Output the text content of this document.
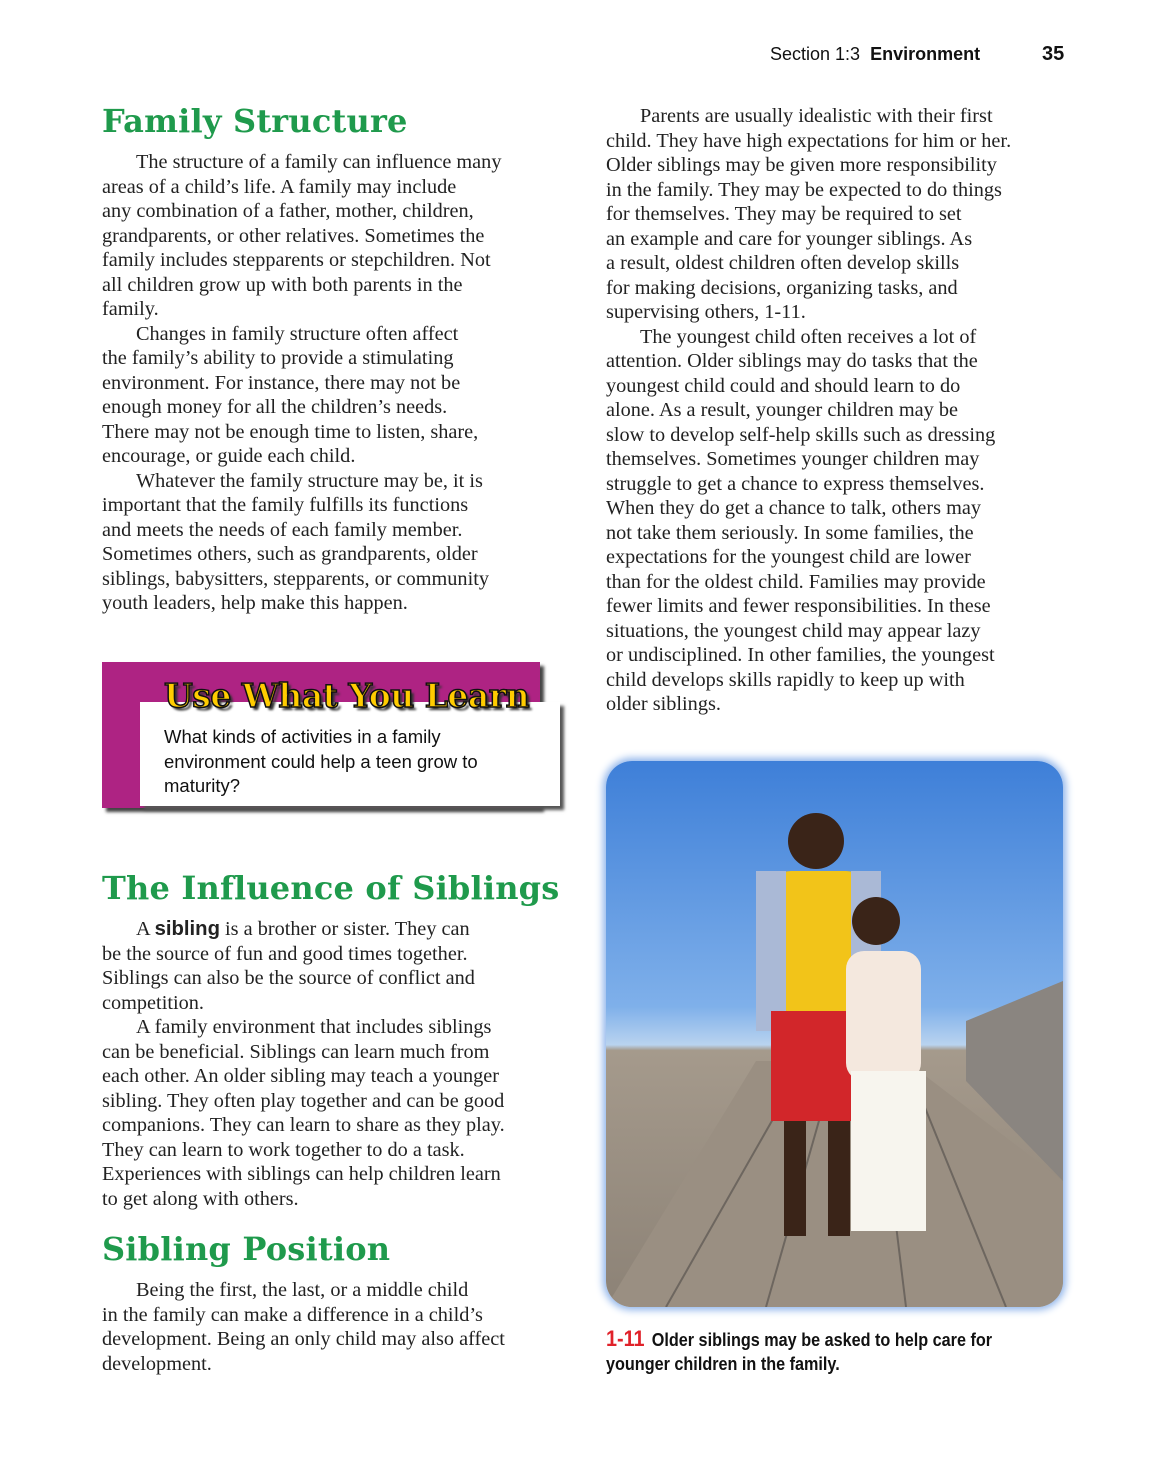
Section 1:3 Environment	35
Family Structure
The structure of a family can influence many
areas of a child’s life. A family may include
any combination of a father, mother, children,
grandparents, or other relatives. Sometimes the
family includes stepparents or stepchildren. Not
all children grow up with both parents in the
family.
Changes in family structure often affect
the family’s ability to provide a stimulating
environment. For instance, there may not be
enough money for all the children’s needs.
There may not be enough time to listen, share,
encourage, or guide each child.
Whatever the family structure may be, it is
important that the family fulfills its functions
and meets the needs of each family member.
Sometimes others, such as grandparents, older
siblings, babysitters, stepparents, or community
youth leaders, help make this happen.
Use What You Learn
What kinds of activities in a family environment could help a teen grow to maturity?
The Influence of Siblings
A sibling is a brother or sister. They can
be the source of fun and good times together.
Siblings can also be the source of conflict and
competition.
A family environment that includes siblings
can be beneficial. Siblings can learn much from
each other. An older sibling may teach a younger
sibling. They often play together and can be good
companions. They can learn to share as they play.
They can learn to work together to do a task.
Experiences with siblings can help children learn
to get along with others.
Sibling Position
Being the first, the last, or a middle child
in the family can make a difference in a child’s
development. Being an only child may also affect
development.
Parents are usually idealistic with their first
child. They have high expectations for him or her.
Older siblings may be given more responsibility
in the family. They may be expected to do things
for themselves. They may be required to set
an example and care for younger siblings. As
a result, oldest children often develop skills
for making decisions, organizing tasks, and
supervising others, 1-11.
The youngest child often receives a lot of
attention. Older siblings may do tasks that the
youngest child could and should learn to do
alone. As a result, younger children may be
slow to develop self-help skills such as dressing
themselves. Sometimes younger children may
struggle to get a chance to express themselves.
When they do get a chance to talk, others may
not take them seriously. In some families, the
expectations for the youngest child are lower
than for the oldest child. Families may provide
fewer limits and fewer responsibilities. In these
situations, the youngest child may appear lazy
or undisciplined. In other families, the youngest
child develops skills rapidly to keep up with
older siblings.
1-11 Older siblings may be asked to help care for younger children in the family.
